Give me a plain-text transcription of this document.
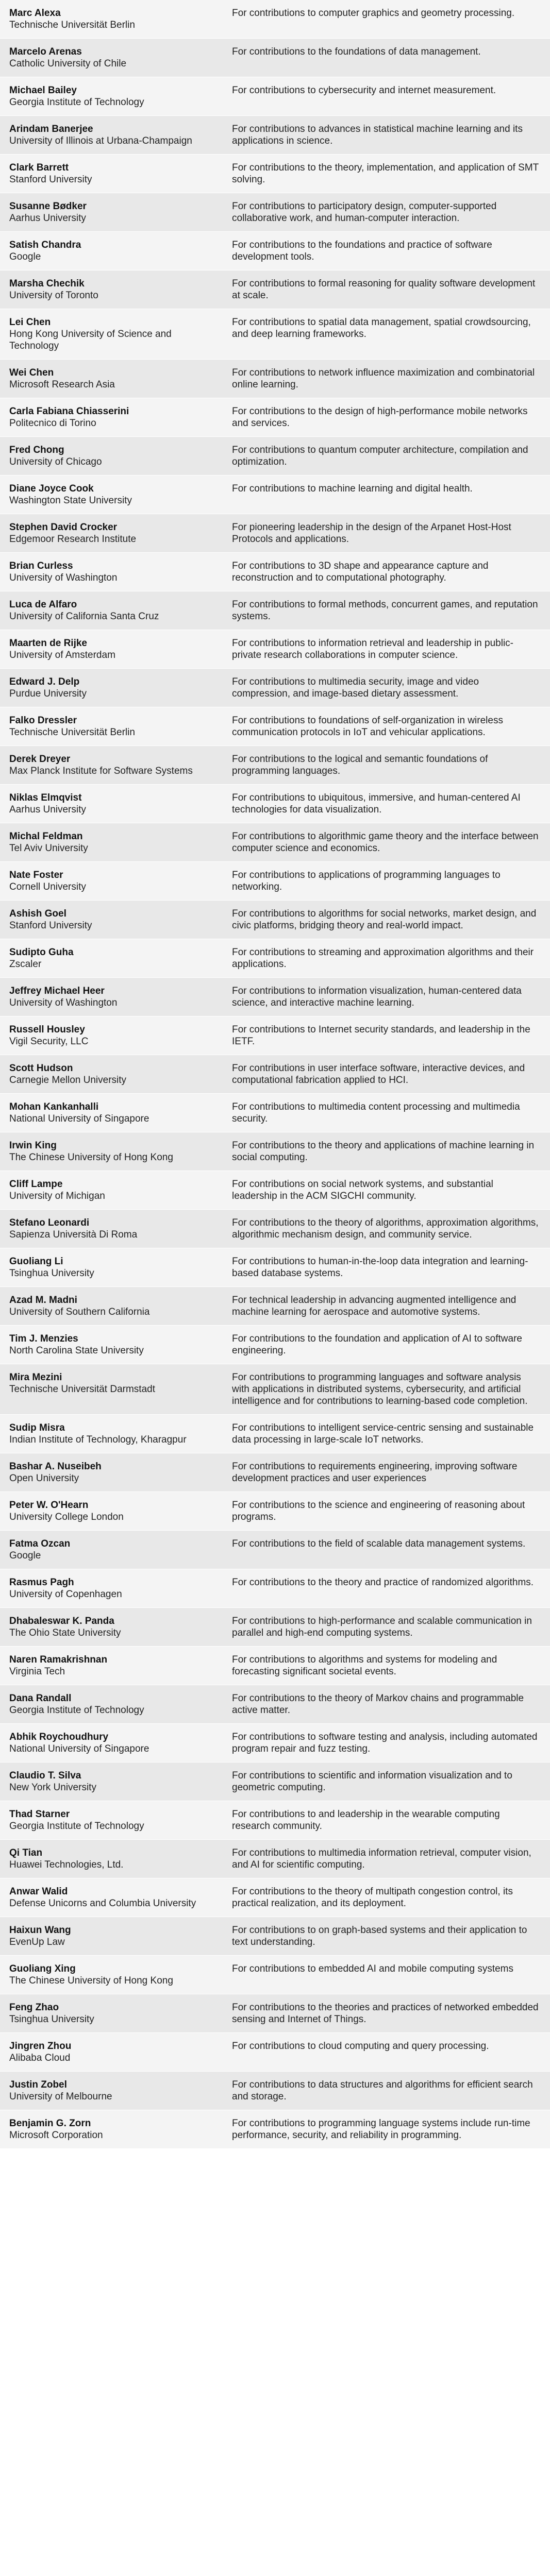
Marc Alexa
Technische Universität Berlin	For contributions to computer graphics and geometry processing.

Marcelo Arenas
Catholic University of Chile	For contributions to the foundations of data management.

Michael Bailey
Georgia Institute of Technology	For contributions to cybersecurity and internet measurement.

Arindam Banerjee
University of Illinois at Urbana-Champaign	For contributions to advances in statistical machine learning and its applications in science.

Clark Barrett
Stanford University	For contributions to the theory, implementation, and application of SMT solving.

Susanne Bødker
Aarhus University	For contributions to participatory design, computer-supported collaborative work, and human-computer interaction.

Satish Chandra
Google	For contributions to the foundations and practice of software development tools.

Marsha Chechik
University of Toronto	For contributions to formal reasoning for quality software development at scale.

Lei Chen
Hong Kong University of Science and Technology	For contributions to spatial data management, spatial crowdsourcing, and deep learning frameworks.

Wei Chen
Microsoft Research Asia	For contributions to network influence maximization and combinatorial online learning.

Carla Fabiana Chiasserini
Politecnico di Torino	For contributions to the design of high-performance mobile networks and services.

Fred Chong
University of Chicago	For contributions to quantum computer architecture, compilation and optimization.

Diane Joyce Cook
Washington State University	For contributions to machine learning and digital health.

Stephen David Crocker
Edgemoor Research Institute	For pioneering leadership in the design of the Arpanet Host-Host Protocols and applications.

Brian Curless
University of Washington	For contributions to 3D shape and appearance capture and reconstruction and to computational photography.

Luca de Alfaro
University of California Santa Cruz	For contributions to formal methods, concurrent games, and reputation systems.

Maarten de Rijke
University of Amsterdam	For contributions to information retrieval and leadership in public-private research collaborations in computer science.

Edward J. Delp
Purdue University	For contributions to multimedia security, image and video compression, and image-based dietary assessment.

Falko Dressler
Technische Universität Berlin	For contributions to foundations of self-organization in wireless communication protocols in IoT and vehicular applications.

Derek Dreyer
Max Planck Institute for Software Systems	For contributions to the logical and semantic foundations of programming languages.

Niklas Elmqvist
Aarhus University	For contributions to ubiquitous, immersive, and human-centered AI technologies for data visualization.

Michal Feldman
Tel Aviv University	For contributions to algorithmic game theory and the interface between computer science and economics.

Nate Foster
Cornell University	For contributions to applications of programming languages to networking.

Ashish Goel
Stanford University	For contributions to algorithms for social networks, market design, and civic platforms, bridging theory and real-world impact.

Sudipto Guha
Zscaler	For contributions to streaming and approximation algorithms and their applications.

Jeffrey Michael Heer
University of Washington	For contributions to information visualization, human-centered data science, and interactive machine learning.

Russell Housley
Vigil Security, LLC	For contributions to Internet security standards, and leadership in the IETF.

Scott Hudson
Carnegie Mellon University	For contributions in user interface software, interactive devices, and computational fabrication applied to HCI.

Mohan Kankanhalli
National University of Singapore	For contributions to multimedia content processing and multimedia security.

Irwin King
The Chinese University of Hong Kong	For contributions to the theory and applications of machine learning in social computing.

Cliff Lampe
University of Michigan	For contributions on social network systems, and substantial leadership in the ACM SIGCHI community.

Stefano Leonardi
Sapienza Università Di Roma	For contributions to the theory of algorithms, approximation algorithms, algorithmic mechanism design, and community service.

Guoliang Li
Tsinghua University	For contributions to human-in-the-loop data integration and learning-based database systems.

Azad M. Madni
University of Southern California	For technical leadership in advancing augmented intelligence and machine learning for aerospace and automotive systems.

Tim J. Menzies
North Carolina State University	For contributions to the foundation and application of AI to software engineering.

Mira Mezini
Technische Universität Darmstadt	For contributions to programming languages and software analysis with applications in distributed systems, cybersecurity, and artificial intelligence and for contributions to learning-based code completion.

Sudip Misra
Indian Institute of Technology, Kharagpur	For contributions to intelligent service-centric sensing and sustainable data processing in large-scale IoT networks.

Bashar A. Nuseibeh
Open University	For contributions to requirements engineering, improving software development practices and user experiences

Peter W. O'Hearn
University College London	For contributions to the science and engineering of reasoning about programs.

Fatma Ozcan
Google	For contributions to the field of scalable data management systems.

Rasmus Pagh
University of Copenhagen	For contributions to the theory and practice of randomized algorithms.

Dhabaleswar K. Panda
The Ohio State University	For contributions to high-performance and scalable communication in parallel and high-end computing systems.

Naren Ramakrishnan
Virginia Tech	For contributions to algorithms and systems for modeling and forecasting significant societal events.

Dana Randall
Georgia Institute of Technology	For contributions to the theory of Markov chains and programmable active matter.

Abhik Roychoudhury
National University of Singapore	For contributions to software testing and analysis, including automated program repair and fuzz testing.

Claudio T. Silva
New York University	For contributions to scientific and information visualization and to geometric computing.

Thad Starner
Georgia Institute of Technology	For contributions to and leadership in the wearable computing research community.

Qi Tian
Huawei Technologies, Ltd.	For contributions to multimedia information retrieval, computer vision, and AI for scientific computing.

Anwar Walid
Defense Unicorns and Columbia University	For contributions to the theory of multipath congestion control, its practical realization, and its deployment.

Haixun Wang
EvenUp Law	For contributions to on graph-based systems and their application to text understanding.

Guoliang Xing
The Chinese University of Hong Kong	For contributions to embedded AI and mobile computing systems

Feng Zhao
Tsinghua University	For contributions to the theories and practices of networked embedded sensing and Internet of Things.

Jingren Zhou
Alibaba Cloud	For contributions to cloud computing and query processing.

Justin Zobel
University of Melbourne	For contributions to data structures and algorithms for efficient search and storage.

Benjamin G. Zorn
Microsoft Corporation	For contributions to programming language systems include run-time performance, security, and reliability in programming.
